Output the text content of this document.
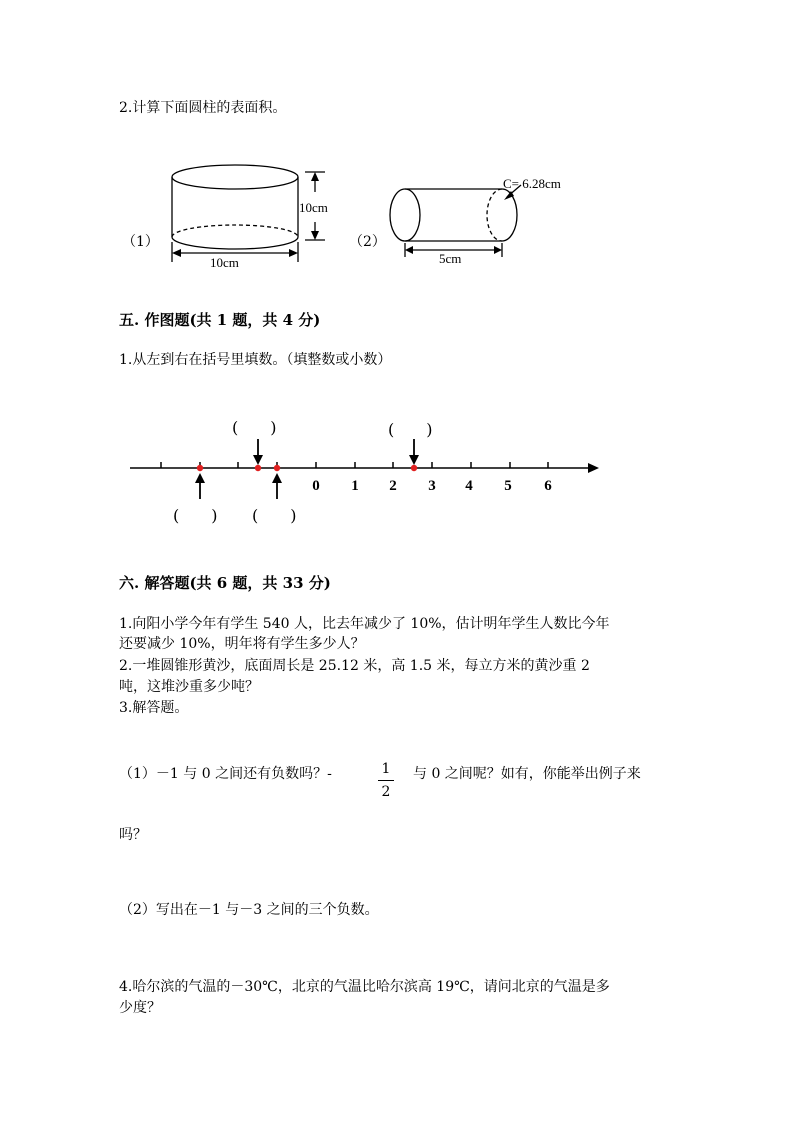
2.计算下面圆柱的表面积。
（1）
10cm
10cm
（2）
C= 6.28cm
5cm
五. 作图题(共 1 题，共 4 分)
1.从左到右在括号里填数。（填整数或小数）
0 1 2 3 4 5 6
(　　)	(　　)
(　　) (　　)
六. 解答题(共 6 题，共 33 分)
1.向阳小学今年有学生 540 人，比去年减少了 10%，估计明年学生人数比今年
还要减少 10%，明年将有学生多少人？
2.一堆圆锥形黄沙，底面周长是 25.12 米，高 1.5 米，每立方米的黄沙重 2
吨，这堆沙重多少吨？
3.解答题。
（1）－1 与 0 之间还有负数吗？-	1
2
与 0 之间呢？如有，你能举出例子来
吗？
（2）写出在－1 与－3 之间的三个负数。
4.哈尔滨的气温的－30℃，北京的气温比哈尔滨高 19℃，请问北京的气温是多
少度？
